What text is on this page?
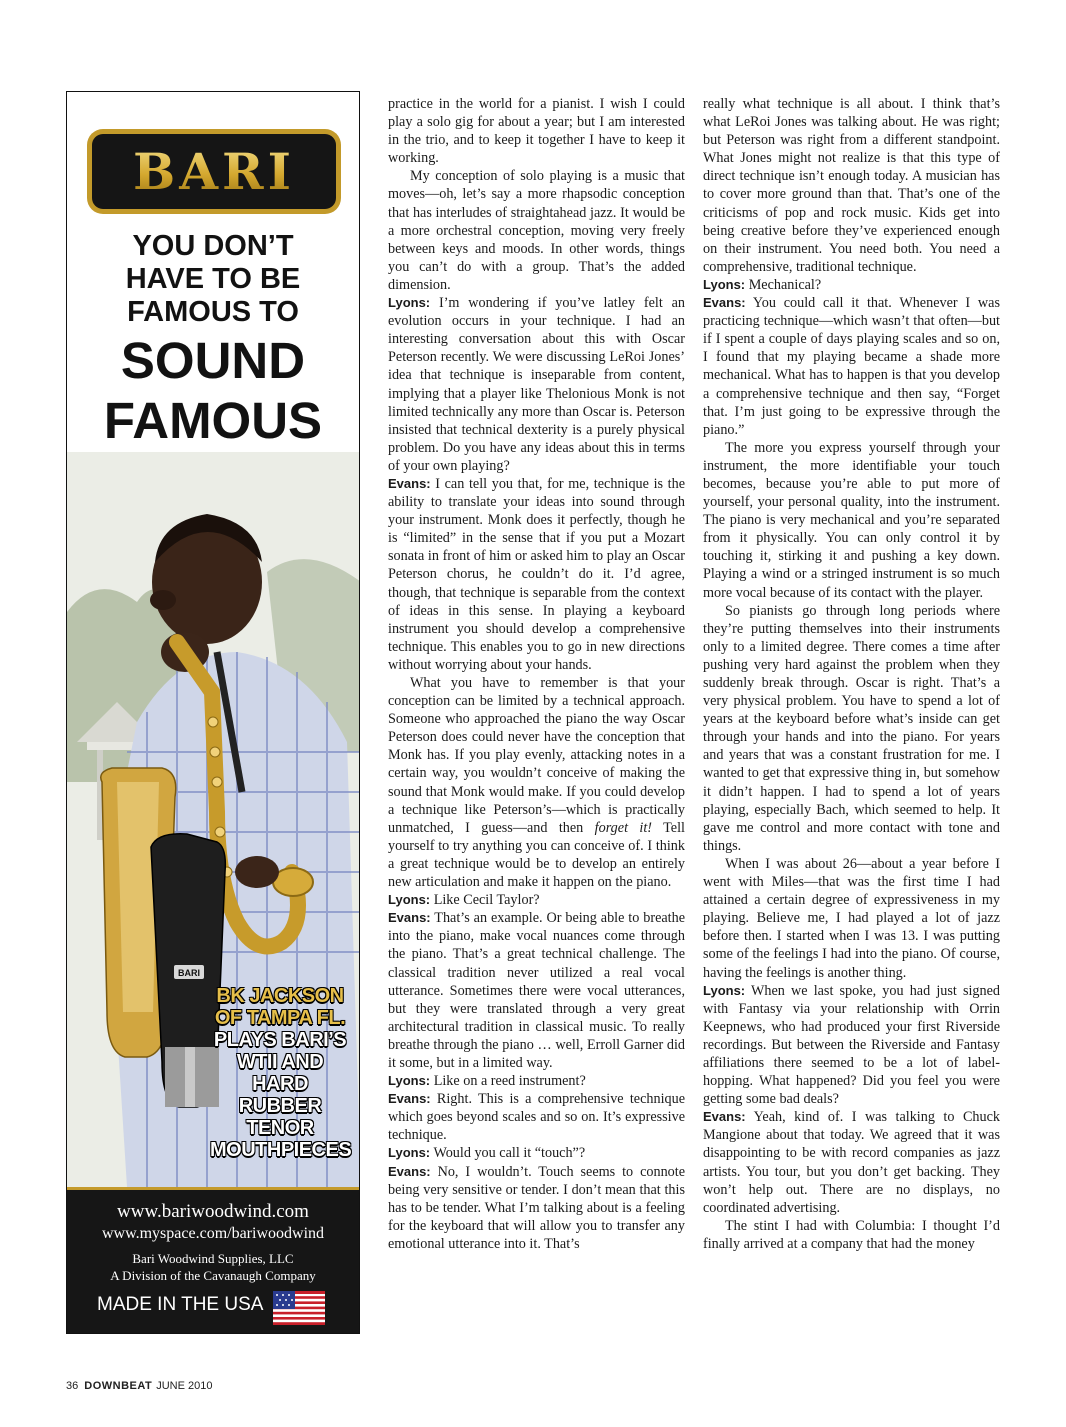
BARI
YOU DON’T
HAVE TO BE
FAMOUS TO
SOUND
FAMOUS
BARI
BK JACKSON
OF TAMPA FL.
PLAYS BARI’S
WTII AND
HARD RUBBER
TENOR
MOUTHPIECES
www.bariwoodwind.com
www.myspace.com/bariwoodwind
Bari Woodwind Supplies, LLC
A Division of the Cavanaugh Company
MADE IN THE USA

practice in the world for a pianist. I wish I could play a solo gig for about a year; but I am interested in the trio, and to keep it together I have to keep it working.

My conception of solo playing is a music that moves—oh, let’s say a more rhapsodic conception that has interludes of straightahead jazz. It would be a more orchestral conception, moving very freely between keys and moods. In other words, things you can’t do with a group. That’s the added dimension.

Lyons: I’m wondering if you’ve latley felt an evolution occurs in your technique. I had an interesting conversation about this with Oscar Peterson recently. We were discussing LeRoi Jones’ idea that technique is inseparable from content, implying that a player like Thelonious Monk is not limited technically any more than Oscar is. Peterson insisted that technical dexterity is a purely physical problem. Do you have any ideas about this in terms of your own playing?

Evans: I can tell you that, for me, technique is the ability to translate your ideas into sound through your instrument. Monk does it perfectly, though he is “limited” in the sense that if you put a Mozart sonata in front of him or asked him to play an Oscar Peterson chorus, he couldn’t do it. I’d agree, though, that technique is separable from the context of ideas in this sense. In playing a keyboard instrument you should develop a comprehensive technique. This enables you to go in new directions without worrying about your hands.

What you have to remember is that your conception can be limited by a technical approach. Someone who approached the piano the way Oscar Peterson does could never have the conception that Monk has. If you play evenly, attacking notes in a certain way, you wouldn’t conceive of making the sound that Monk would make. If you could develop a technique like Peterson’s—which is practically unmatched, I guess—and then forget it! Tell yourself to try anything you can conceive of. I think a great technique would be to develop an entirely new articulation and make it happen on the piano.

Lyons: Like Cecil Taylor?

Evans: That’s an example. Or being able to breathe into the piano, make vocal nuances come through the piano. That’s a great technical challenge. The classical tradition never utilized a real vocal utterance. Sometimes there were vocal utterances, but they were translated through a very great architectural tradition in classical music. To really breathe through the piano … well, Erroll Garner did it some, but in a limited way.

Lyons: Like on a reed instrument?

Evans: Right. This is a comprehensive technique which goes beyond scales and so on. It’s expressive technique.

Lyons: Would you call it “touch”?

Evans: No, I wouldn’t. Touch seems to connote being very sensitive or tender. I don’t mean that this has to be tender. What I’m talking about is a feeling for the keyboard that will allow you to transfer any emotional utterance into it. That’s

really what technique is all about. I think that’s what LeRoi Jones was talking about. He was right; but Peterson was right from a different standpoint. What Jones might not realize is that this type of direct technique isn’t enough today. A musician has to cover more ground than that. That’s one of the criticisms of pop and rock music. Kids get into being creative before they’ve experienced enough on their instrument. You need both. You need a comprehensive, traditional technique.

Lyons: Mechanical?

Evans: You could call it that. Whenever I was practicing technique—which wasn’t that often—but if I spent a couple of days playing scales and so on, I found that my playing became a shade more mechanical. What has to happen is that you develop a comprehensive technique and then say, “Forget that. I’m just going to be expressive through the piano.”

The more you express yourself through your instrument, the more identifiable your touch becomes, because you’re able to put more of yourself, your personal quality, into the instrument. The piano is very mechanical and you’re separated from it physically. You can only control it by touching it, stirking it and pushing a key down. Playing a wind or a stringed instrument is so much more vocal because of its contact with the player.

So pianists go through long periods where they’re putting themselves into their instruments only to a limited degree. There comes a time after pushing very hard against the problem when they suddenly break through. Oscar is right. That’s a very physical problem. You have to spend a lot of years at the keyboard before what’s inside can get through your hands and into the piano. For years and years that was a constant frustration for me. I wanted to get that expressive thing in, but somehow it didn’t happen. I had to spend a lot of years playing, especially Bach, which seemed to help. It gave me control and more contact with tone and things.

When I was about 26—about a year before I went with Miles—that was the first time I had attained a certain degree of expressiveness in my playing. Believe me, I had played a lot of jazz before then. I started when I was 13. I was putting some of the feelings I had into the piano. Of course, having the feelings is another thing.

Lyons: When we last spoke, you had just signed with Fantasy via your relationship with Orrin Keepnews, who had produced your first Riverside recordings. But between the Riverside and Fantasy affiliations there seemed to be a lot of label-hopping. What happened? Did you feel you were getting some bad deals?

Evans: Yeah, kind of. I was talking to Chuck Mangione about that today. We agreed that it was disappointing to be with record companies as jazz artists. You tour, but you don’t get backing. They won’t help out. There are no displays, no coordinated advertising.

The stint I had with Columbia: I thought I’d finally arrived at a company that had the money

36 DOWNBEAT JUNE 2010
